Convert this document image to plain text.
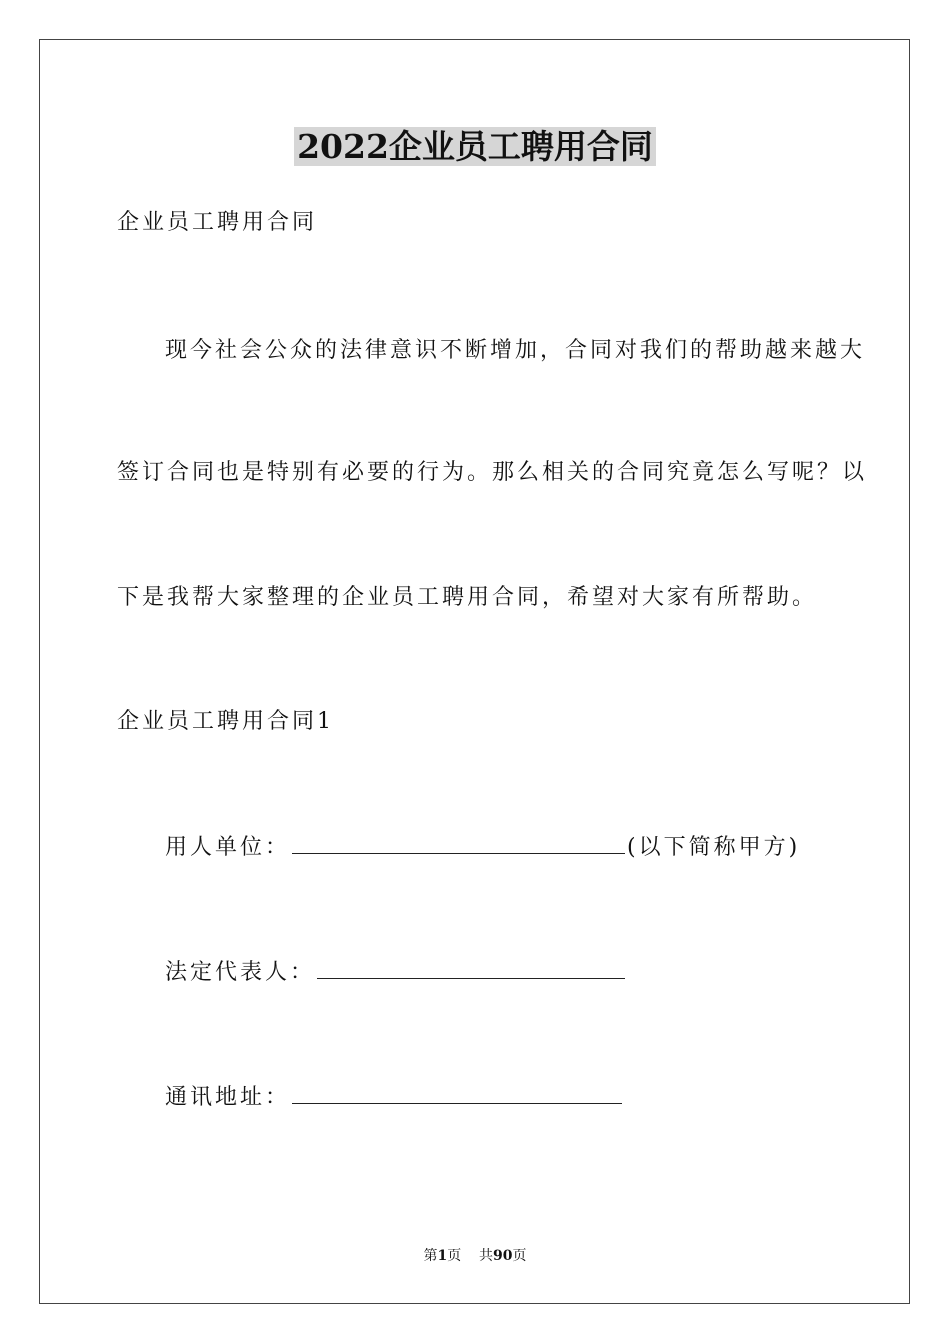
2022企业员工聘用合同
企业员工聘用合同
现今社会公众的法律意识不断增加，合同对我们的帮助越来越大
签订合同也是特别有必要的行为。那么相关的合同究竟怎么写呢？以
下是我帮大家整理的企业员工聘用合同，希望对大家有所帮助。
企业员工聘用合同1
用人单位：	(以下简称甲方)
法定代表人：
通讯地址：
第1页 共90页
